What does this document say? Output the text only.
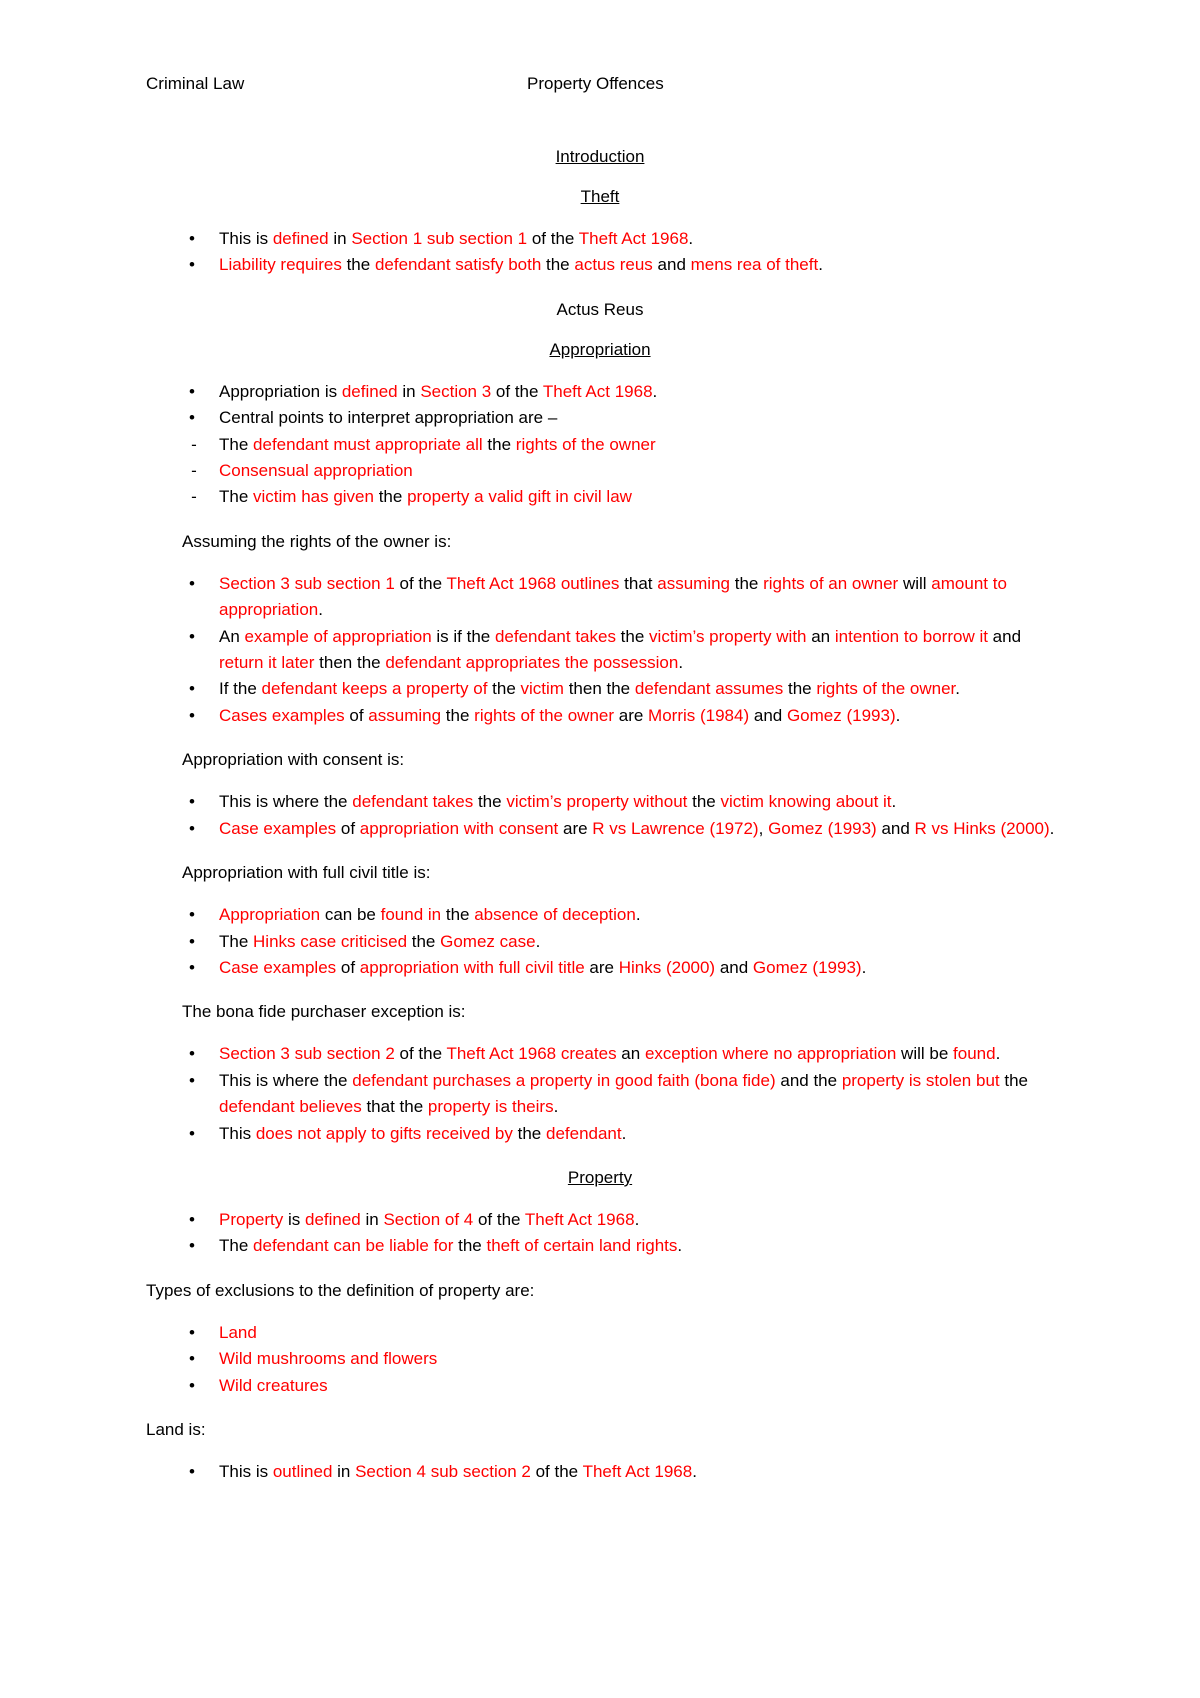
Criminal Law	Property Offences
Introduction
Theft
•	This is defined in Section 1 sub section 1 of the Theft Act 1968.
•	Liability requires the defendant satisfy both the actus reus and mens rea of theft.
Actus Reus
Appropriation
•	Appropriation is defined in Section 3 of the Theft Act 1968.
•	Central points to interpret appropriation are –
-	The defendant must appropriate all the rights of the owner
-	Consensual appropriation
-	The victim has given the property a valid gift in civil law
Assuming the rights of the owner is:
•	Section 3 sub section 1 of the Theft Act 1968 outlines that assuming the rights of an owner will amount to appropriation.
•	An example of appropriation is if the defendant takes the victim’s property with an intention to borrow it and return it later then the defendant appropriates the possession.
•	If the defendant keeps a property of the victim then the defendant assumes the rights of the owner.
•	Cases examples of assuming the rights of the owner are Morris (1984) and Gomez (1993).
Appropriation with consent is:
•	This is where the defendant takes the victim’s property without the victim knowing about it.
•	Case examples of appropriation with consent are R vs Lawrence (1972), Gomez (1993) and R vs Hinks (2000).
Appropriation with full civil title is:
•	Appropriation can be found in the absence of deception.
•	The Hinks case criticised the Gomez case.
•	Case examples of appropriation with full civil title are Hinks (2000) and Gomez (1993).
The bona fide purchaser exception is:
•	Section 3 sub section 2 of the Theft Act 1968 creates an exception where no appropriation will be found.
•	This is where the defendant purchases a property in good faith (bona fide) and the property is stolen but the defendant believes that the property is theirs.
•	This does not apply to gifts received by the defendant.
Property
•	Property is defined in Section of 4 of the Theft Act 1968.
•	The defendant can be liable for the theft of certain land rights.
Types of exclusions to the definition of property are:
•	Land
•	Wild mushrooms and flowers
•	Wild creatures
Land is:
•	This is outlined in Section 4 sub section 2 of the Theft Act 1968.
